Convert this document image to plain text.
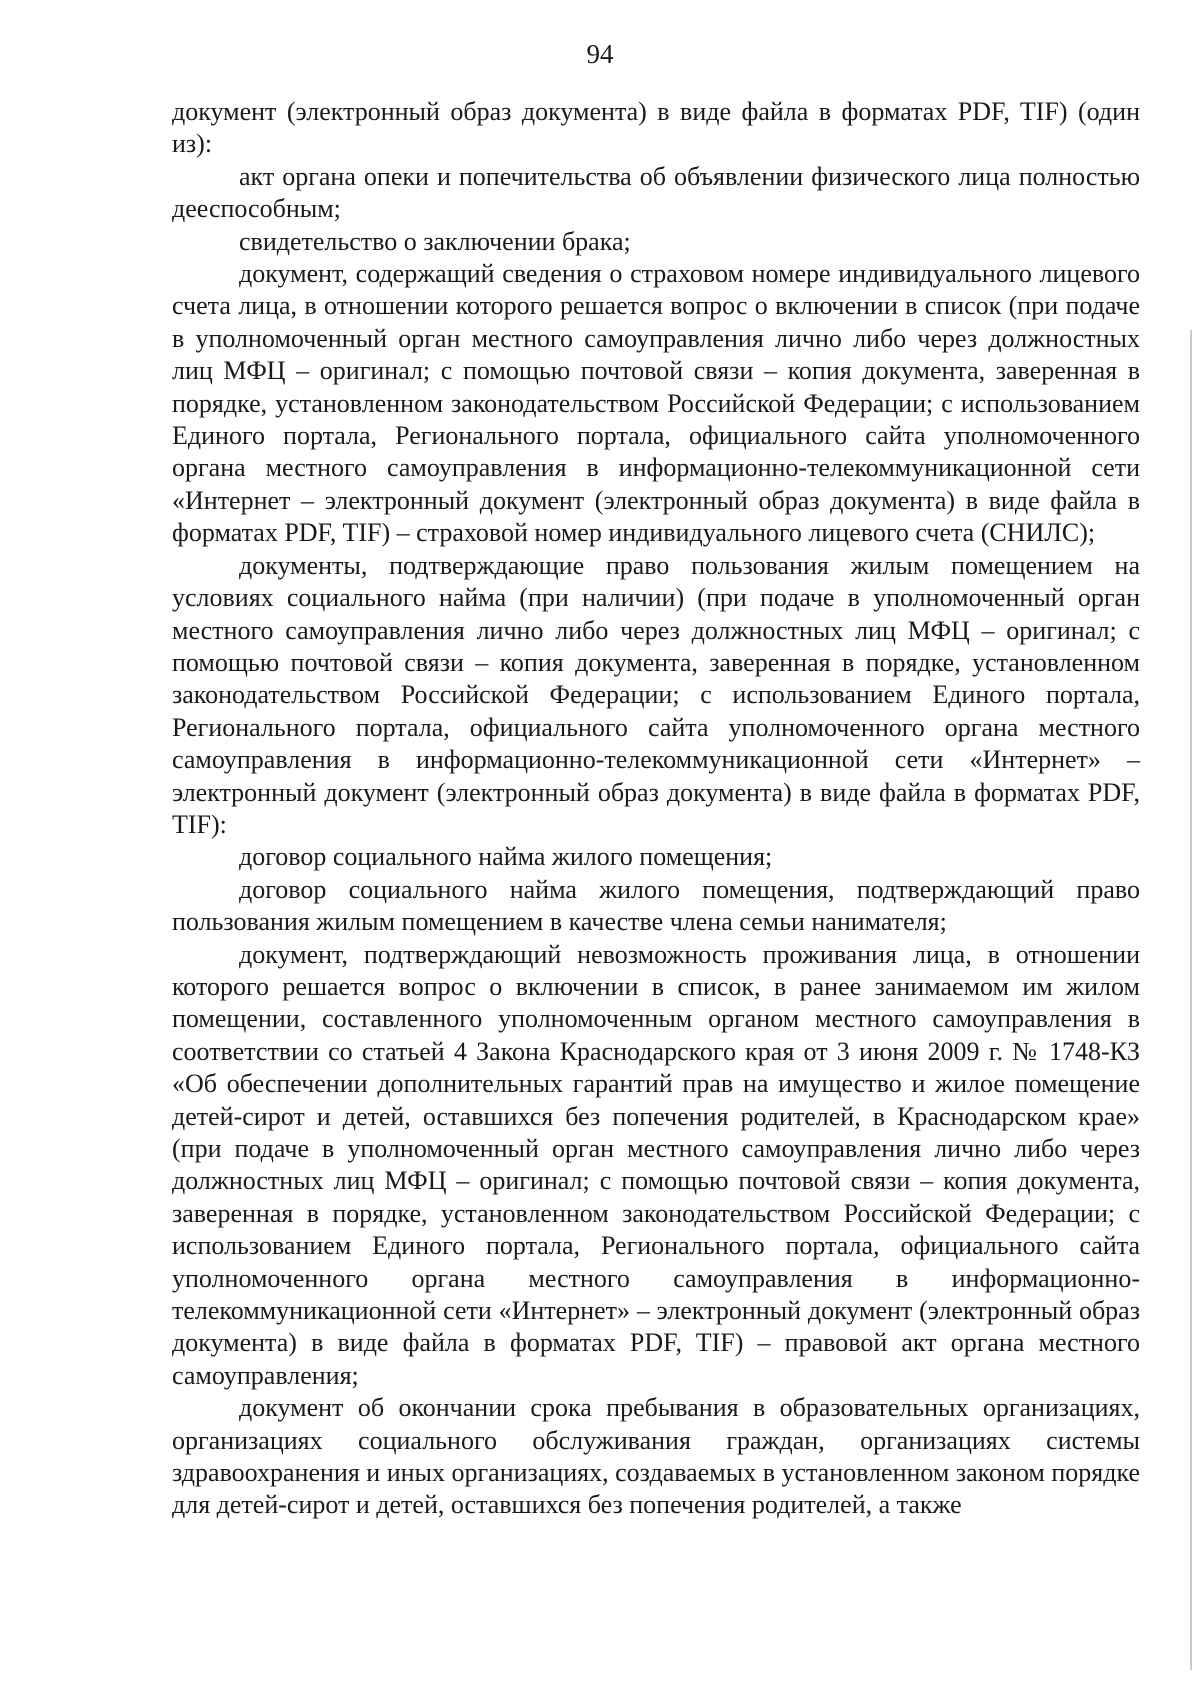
94

документ (электронный образ документа) в виде файла в форматах PDF, TIF) (один из):

акт органа опеки и попечительства об объявлении физического лица полностью дееспособным;

свидетельство о заключении брака;

документ, содержащий сведения о страховом номере индивидуального лицевого счета лица, в отношении которого решается вопрос о включении в список (при подаче в уполномоченный орган местного самоуправления лично либо через должностных лиц МФЦ – оригинал; с помощью почтовой связи – копия документа, заверенная в порядке, установленном законодательством Российской Федерации; с использованием Единого портала, Регионального портала, официального сайта уполномоченного органа местного самоуправления в информационно-телекоммуникационной сети «Интернет – электронный документ (электронный образ документа) в виде файла в форматах PDF, TIF) – страховой номер индивидуального лицевого счета (СНИЛС);

документы, подтверждающие право пользования жилым помещением на условиях социального найма (при наличии) (при подаче в уполномоченный орган местного самоуправления лично либо через должностных лиц МФЦ – оригинал; с помощью почтовой связи – копия документа, заверенная в порядке, установленном законодательством Российской Федерации; с использованием Единого портала, Регионального портала, официального сайта уполномоченного органа местного самоуправления в информационно-телекоммуникационной сети «Интернет» – электронный документ (электронный образ документа) в виде файла в форматах PDF, TIF):

договор социального найма жилого помещения;

договор социального найма жилого помещения, подтверждающий право пользования жилым помещением в качестве члена семьи нанимателя;

документ, подтверждающий невозможность проживания лица, в отношении которого решается вопрос о включении в список, в ранее занимаемом им жилом помещении, составленного уполномоченным органом местного самоуправления в соответствии со статьей 4 Закона Краснодарского края от 3 июня 2009 г. № 1748-КЗ «Об обеспечении дополнительных гарантий прав на имущество и жилое помещение детей-сирот и детей, оставшихся без попечения родителей, в Краснодарском крае» (при подаче в уполномоченный орган местного самоуправления лично либо через должностных лиц МФЦ – оригинал; с помощью почтовой связи – копия документа, заверенная в порядке, установленном законодательством Российской Федерации; с использованием Единого портала, Регионального портала, официального сайта уполномоченного органа местного самоуправления в информационно-телекоммуникационной сети «Интернет» – электронный документ (электронный образ документа) в виде файла в форматах PDF, TIF) – правовой акт органа местного самоуправления;

документ об окончании срока пребывания в образовательных организациях, организациях социального обслуживания граждан, организациях системы здравоохранения и иных организациях, создаваемых в установленном законом порядке для детей-сирот и детей, оставшихся без попечения родителей, а также
